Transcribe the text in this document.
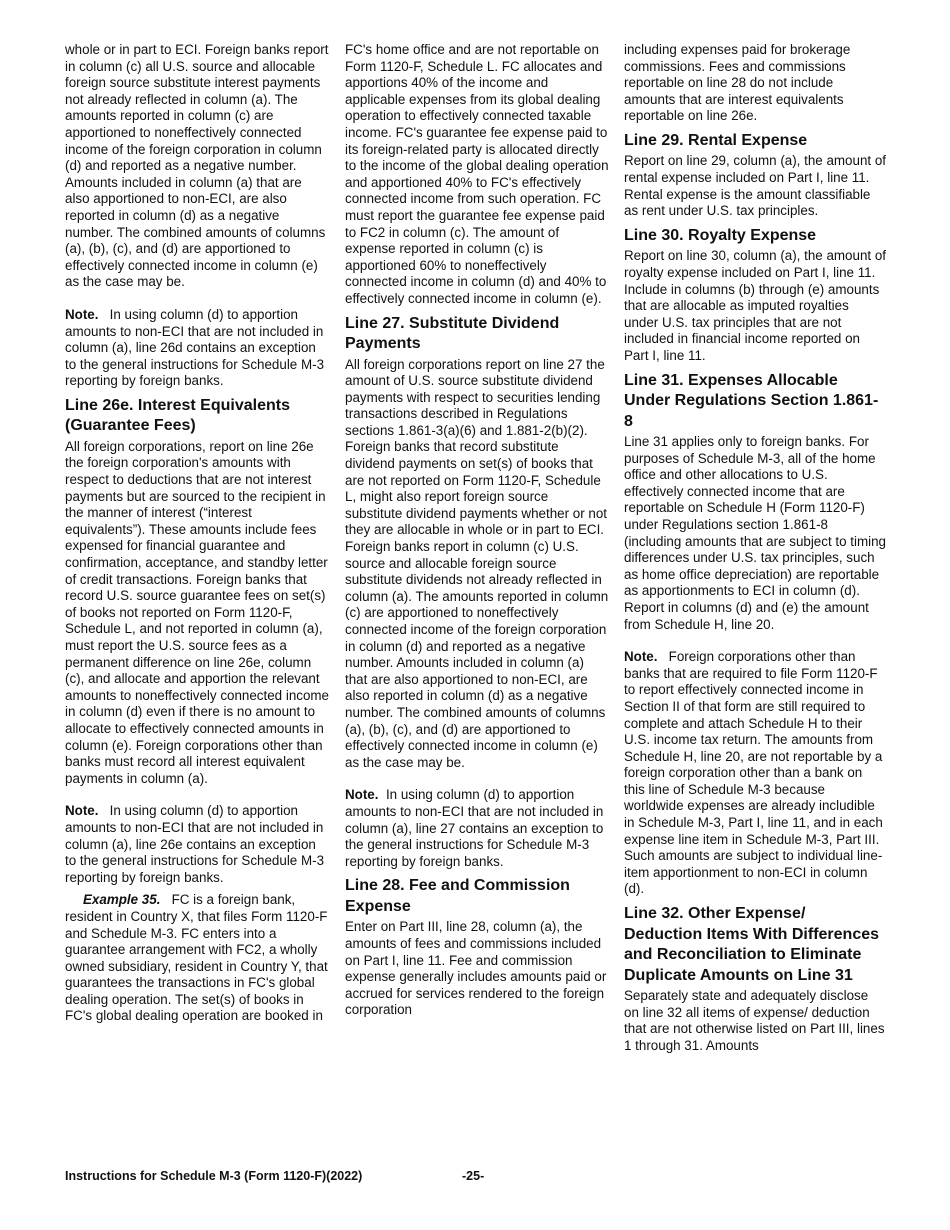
whole or in part to ECI. Foreign banks report in column (c) all U.S. source and allocable foreign source substitute interest payments not already reflected in column (a). The amounts reported in column (c) are apportioned to noneffectively connected income of the foreign corporation in column (d) and reported as a negative number. Amounts included in column (a) that are also apportioned to non-ECI, are also reported in column (d) as a negative number. The combined amounts of columns (a), (b), (c), and (d) are apportioned to effectively connected income in column (e) as the case may be.

Note. In using column (d) to apportion amounts to non-ECI that are not included in column (a), line 26d contains an exception to the general instructions for Schedule M-3 reporting by foreign banks.

Line 26e. Interest Equivalents (Guarantee Fees)

All foreign corporations, report on line 26e the foreign corporation's amounts with respect to deductions that are not interest payments but are sourced to the recipient in the manner of interest (“interest equivalents”). These amounts include fees expensed for financial guarantee and confirmation, acceptance, and standby letter of credit transactions. Foreign banks that record U.S. source guarantee fees on set(s) of books not reported on Form 1120-F, Schedule L, and not reported in column (a), must report the U.S. source fees as a permanent difference on line 26e, column (c), and allocate and apportion the relevant amounts to noneffectively connected income in column (d) even if there is no amount to allocate to effectively connected amounts in column (e). Foreign corporations other than banks must record all interest equivalent payments in column (a).

Note. In using column (d) to apportion amounts to non-ECI that are not included in column (a), line 26e contains an exception to the general instructions for Schedule M-3 reporting by foreign banks.

Example 35. FC is a foreign bank, resident in Country X, that files Form 1120-F and Schedule M-3. FC enters into a guarantee arrangement with FC2, a wholly owned subsidiary, resident in Country Y, that guarantees the transactions in FC's global dealing operation. The set(s) of books in FC's global dealing operation are booked in

FC's home office and are not reportable on Form 1120-F, Schedule L. FC allocates and apportions 40% of the income and applicable expenses from its global dealing operation to effectively connected taxable income. FC's guarantee fee expense paid to its foreign-related party is allocated directly to the income of the global dealing operation and apportioned 40% to FC's effectively connected income from such operation. FC must report the guarantee fee expense paid to FC2 in column (c). The amount of expense reported in column (c) is apportioned 60% to noneffectively connected income in column (d) and 40% to effectively connected income in column (e).

Line 27. Substitute Dividend Payments

All foreign corporations report on line 27 the amount of U.S. source substitute dividend payments with respect to securities lending transactions described in Regulations sections 1.861-3(a)(6) and 1.881-2(b)(2). Foreign banks that record substitute dividend payments on set(s) of books that are not reported on Form 1120-F, Schedule L, might also report foreign source substitute dividend payments whether or not they are allocable in whole or in part to ECI. Foreign banks report in column (c) U.S. source and allocable foreign source substitute dividends not already reflected in column (a). The amounts reported in column (c) are apportioned to noneffectively connected income of the foreign corporation in column (d) and reported as a negative number. Amounts included in column (a) that are also apportioned to non-ECI, are also reported in column (d) as a negative number. The combined amounts of columns (a), (b), (c), and (d) are apportioned to effectively connected income in column (e) as the case may be.

Note. In using column (d) to apportion amounts to non-ECI that are not included in column (a), line 27 contains an exception to the general instructions for Schedule M-3 reporting by foreign banks.

Line 28. Fee and Commission Expense

Enter on Part III, line 28, column (a), the amounts of fees and commissions included on Part I, line 11. Fee and commission expense generally includes amounts paid or accrued for services rendered to the foreign corporation

including expenses paid for brokerage commissions. Fees and commissions reportable on line 28 do not include amounts that are interest equivalents reportable on line 26e.

Line 29. Rental Expense

Report on line 29, column (a), the amount of rental expense included on Part I, line 11. Rental expense is the amount classifiable as rent under U.S. tax principles.

Line 30. Royalty Expense

Report on line 30, column (a), the amount of royalty expense included on Part I, line 11. Include in columns (b) through (e) amounts that are allocable as imputed royalties under U.S. tax principles that are not included in financial income reported on Part I, line 11.

Line 31. Expenses Allocable Under Regulations Section 1.861-8

Line 31 applies only to foreign banks. For purposes of Schedule M-3, all of the home office and other allocations to U.S. effectively connected income that are reportable on Schedule H (Form 1120-F) under Regulations section 1.861-8 (including amounts that are subject to timing differences under U.S. tax principles, such as home office depreciation) are reportable as apportionments to ECI in column (d). Report in columns (d) and (e) the amount from Schedule H, line 20.

Note. Foreign corporations other than banks that are required to file Form 1120-F to report effectively connected income in Section II of that form are still required to complete and attach Schedule H to their U.S. income tax return. The amounts from Schedule H, line 20, are not reportable by a foreign corporation other than a bank on this line of Schedule M-3 because worldwide expenses are already includible in Schedule M-3, Part I, line 11, and in each expense line item in Schedule M-3, Part III. Such amounts are subject to individual line-item apportionment to non-ECI in column (d).

Line 32. Other Expense/ Deduction Items With Differences and Reconciliation to Eliminate Duplicate Amounts on Line 31

Separately state and adequately disclose on line 32 all items of expense/ deduction that are not otherwise listed on Part III, lines 1 through 31. Amounts

Instructions for Schedule M-3 (Form 1120-F)(2022)	-25-
